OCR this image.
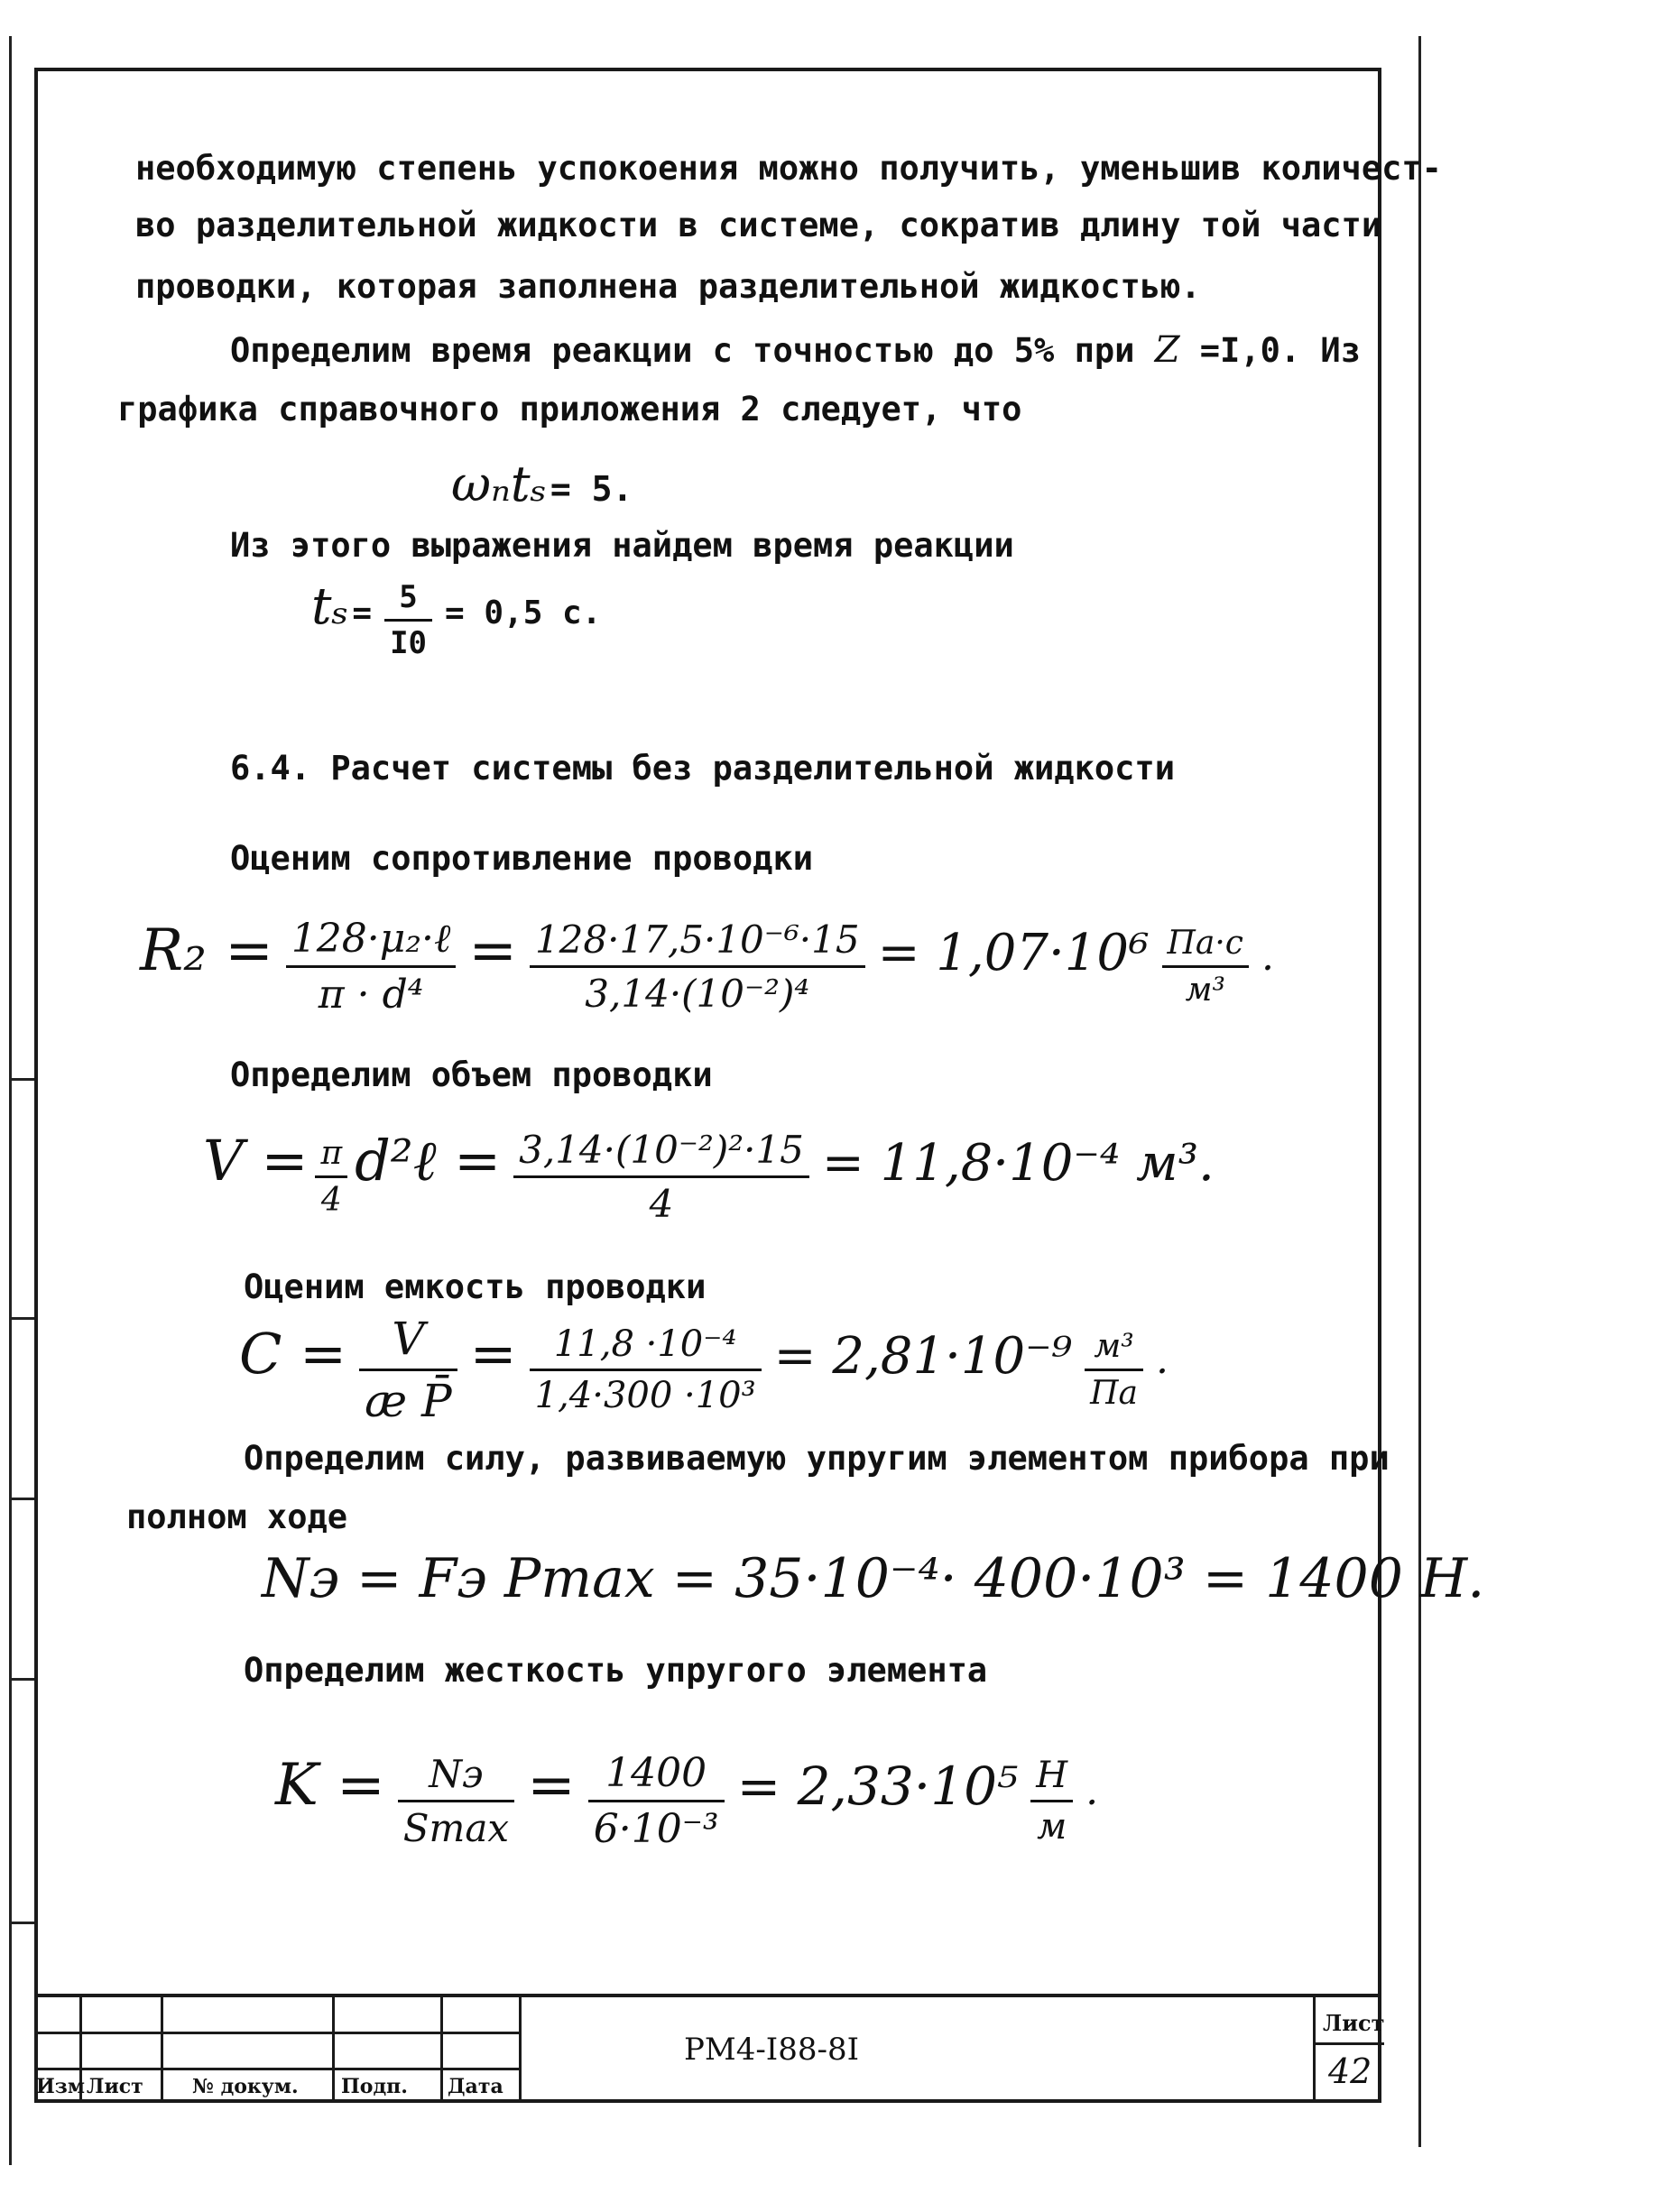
необходимую степень успокоения можно получить, уменьшив количест-
во разделительной жидкости в системе, сократив длину той части
проводки, которая заполнена разделительной жидкостью.
Определим время реакции с точностью до 5% при Z =I,0. Из
графика справочного приложения 2 следует, что
ωₙtₛ = 5.
Из этого выражения найдем время реакции
$t_s = \frac{5}{I0} = 0,5$ с.
6.4. Расчет системы без разделительной жидкости
Оценим сопротивление проводки
$R_2 = \frac{\text{128·μ₂·ℓ}}{\text{π · d⁴}} = \frac{\text{128·17,5·10⁻⁶·15}}{\text{3,14·(10⁻²)⁴}} = 1,07\cdot 10^6 \frac{Па\cdot с}{\text{м³}}$ .
Определим объем проводки
$V = \frac{\pi}{4}$ d²ℓ = $\frac{\text{3,14·(10⁻²)²·15}}{4} = 11,8\cdot 10^{-4}$ м³.
Оценим емкость проводки
$C = \frac{V}{\text{æ P̄}} = \frac{\text{11,8 ·10⁻⁴}}{\text{1,4·300 ·10³}} = 2,81\cdot 10^{-9} \frac{\text{м³}}{Па}$ .
Определим силу, развиваемую упругим элементом прибора при
полном ходе
Nэ = Fэ Pmax = 35·10⁻⁴· 400·10³ = 1400 Н.
Определим жесткость упругого элемента
$K = \frac{Nэ}{Smax} = \frac{1400}{\text{6·10⁻³}} = 2,33\cdot 10^5 \frac{Н}{м}$ .
Изм Лист № докум. Подп. Дата
РМ4-I88-8I
Лист
42
